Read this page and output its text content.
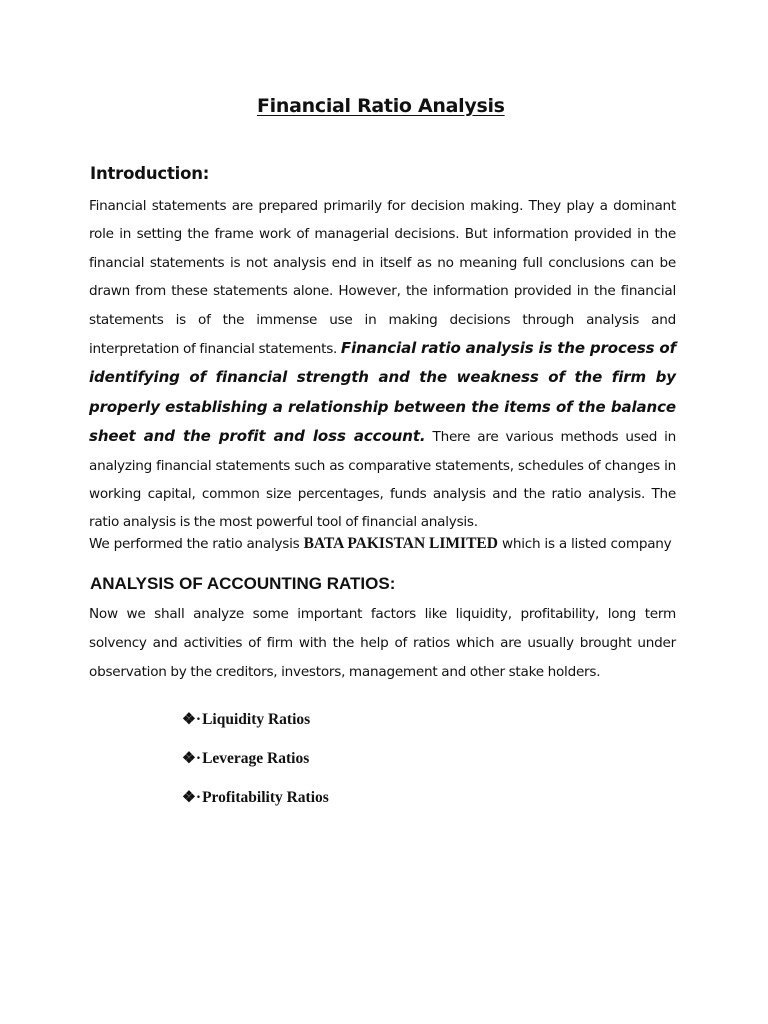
Financial Ratio Analysis
Introduction:
Financial statements are prepared primarily for decision making. They play a dominant role in setting the frame work of managerial decisions. But information provided in the financial statements is not analysis end in itself as no meaning full conclusions can be drawn from these statements alone. However, the information provided in the financial statements is of the immense use in making decisions through analysis and interpretation of financial statements. Financial ratio analysis is the process of identifying of financial strength and the weakness of the firm by properly establishing a relationship between the items of the balance sheet and the profit and loss account. There are various methods used in analyzing financial statements such as comparative statements, schedules of changes in working capital, common size percentages, funds analysis and the ratio analysis. The ratio analysis is the most powerful tool of financial analysis.
We performed the ratio analysis BATA PAKISTAN LIMITED which is a listed company
ANALYSIS OF ACCOUNTING RATIOS:
Now we shall analyze some important factors like liquidity, profitability, long term solvency and activities of firm with the help of ratios which are usually brought under observation by the creditors, investors, management and other stake holders.
❖·Liquidity Ratios
❖·Leverage Ratios
❖·Profitability Ratios
